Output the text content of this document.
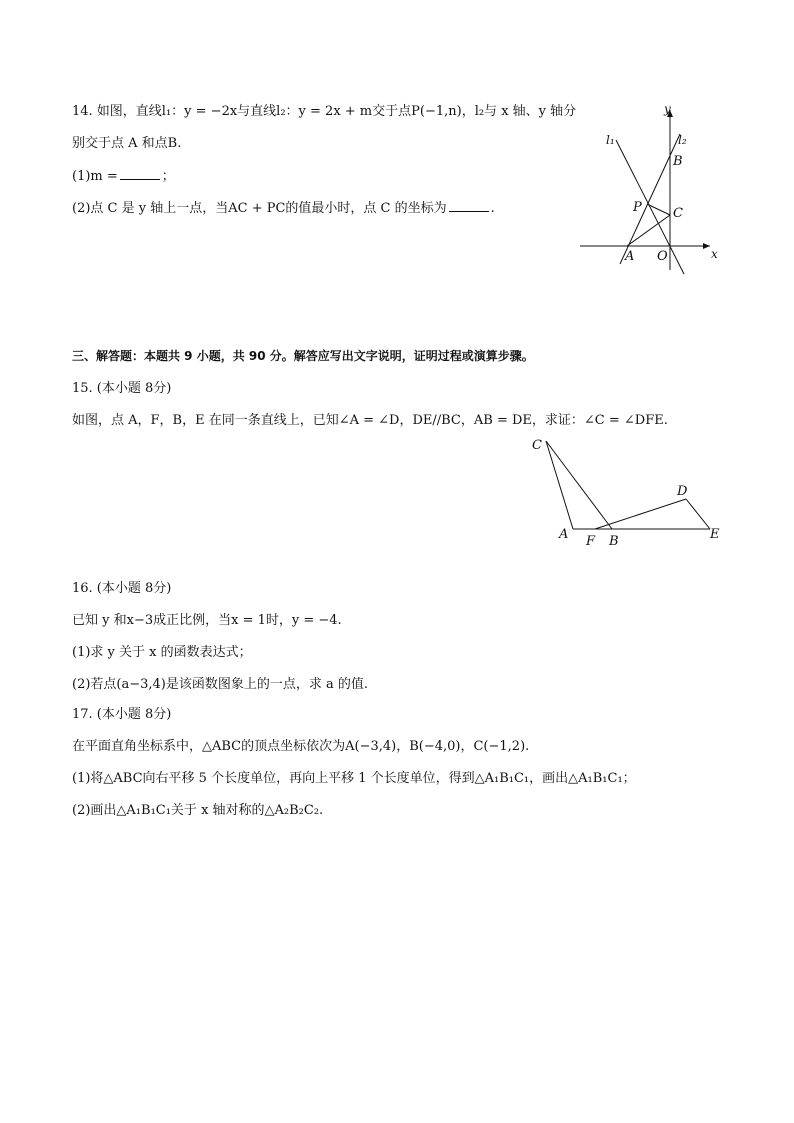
14. 如图，直线l₁：y = −2x与直线l₂：y = 2x + m交于点P(−1,n)，l₂与 x 轴、y 轴分
别交于点 A 和点B.
(1)m =	；
(2)点 C 是 y 轴上一点，当AC + PC的值最小时，点 C 的坐标为	.
y
x
l₁	l₂
B
P C
A O
三、解答题：本题共 9 小题，共 90 分。解答应写出文字说明，证明过程或演算步骤。
15. (本小题 8分)
如图，点 A，F，B，E 在同一条直线上，已知∠A = ∠D，DE//BC，AB = DE，求证：∠C = ∠DFE.
C
D
A F B	E
16. (本小题 8分)
已知 y 和x−3成正比例，当x = 1时，y = −4.
(1)求 y 关于 x 的函数表达式；
(2)若点(a−3,4)是该函数图象上的一点，求 a 的值.
17. (本小题 8分)
在平面直角坐标系中，△ABC的顶点坐标依次为A(−3,4)，B(−4,0)，C(−1,2).
(1)将△ABC向右平移 5 个长度单位，再向上平移 1 个长度单位，得到△A₁B₁C₁，画出△A₁B₁C₁；
(2)画出△A₁B₁C₁关于 x 轴对称的△A₂B₂C₂.
